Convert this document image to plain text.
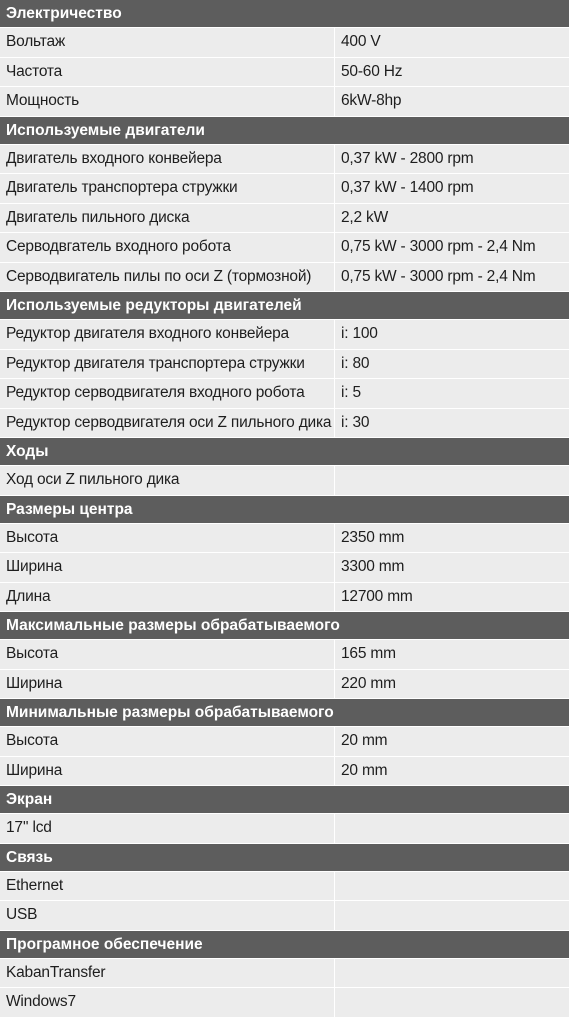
Электричество
Вольтаж	400 V
Частота	50-60 Hz
Мощность	6kW-8hp
Используемые двигатели
Двигатель входного конвейера	0,37 kW - 2800 rpm
Двигатель транспортера стружки	0,37 kW - 1400 rpm
Двигатель пильного диска	2,2 kW
Серводвгатель входного робота	0,75 kW - 3000 rpm - 2,4 Nm
Серводвигатель пилы по оси Z (тормозной)	0,75 kW - 3000 rpm - 2,4 Nm
Используемые редукторы двигателей
Редуктор двигателя входного конвейера	i: 100
Редуктор двигателя транспортера стружки	i: 80
Редуктор серводвигателя входного робота	i: 5
Редуктор серводвигателя оси Z пильного дика i: 30
Ходы
Ход оси Z пильного дика
Размеры центра
Высота	2350 mm
Ширина	3300 mm
Длина	12700 mm
Максимальные размеры обрабатываемого
Высота	165 mm
Ширина	220 mm
Минимальные размеры обрабатываемого
Высота	20 mm
Ширина	20 mm
Экран
17'' lcd
Связь
Ethernet
USB
Програмное обеспечение
KabanTransfer
Windows7
